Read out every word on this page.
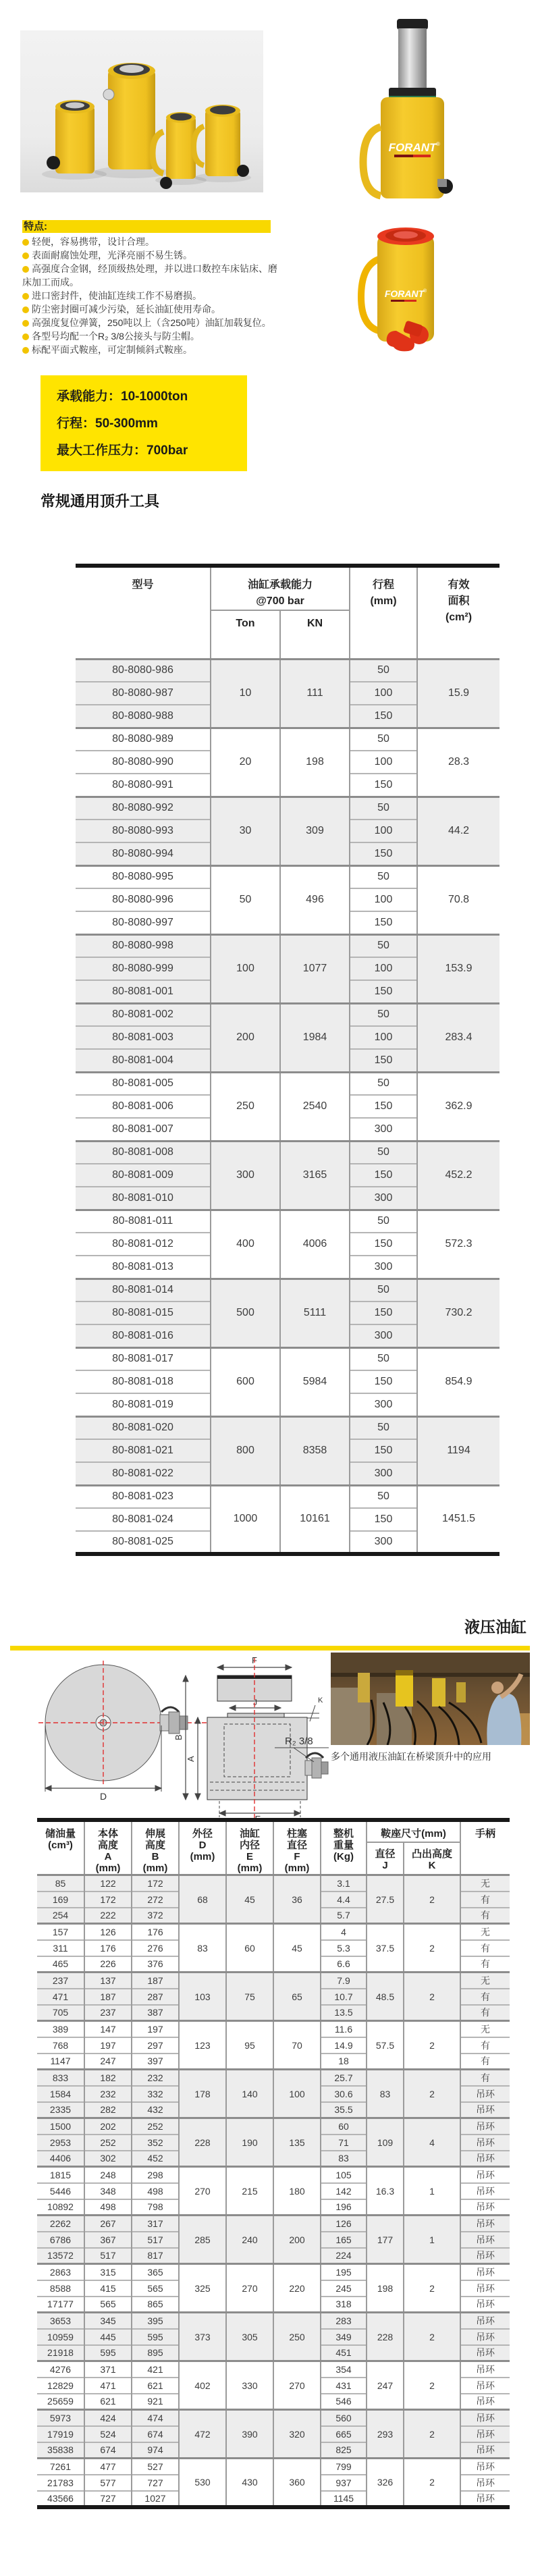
FORANT ®
FORANT
®
特点:
轻便，容易携带，设计合理。
表面耐腐蚀处理，光泽亮丽不易生锈。
高强度合金钢，经顶级热处理，并以进口数控车床钻床、磨床加工而成。
进口密封件，使油缸连续工作不易磨损。
防尘密封圈可减少污染，延长油缸使用寿命。
高强度复位弹簧，250吨以上（含250吨）油缸加载复位。
各型号均配一个R₂ 3/8公接头与防尘帽。
标配平面式鞍座，可定制倾斜式鞍座。
承载能力：10-1000ton
行程：50-300mm
最大工作压力：700bar
常规通用顶升工具
型号	油缸承载能力
@700 bar		行程
(mm)	有效
面积
(cm²)
	Ton	KN		
80-8080-986	10	111	50	15.9
80-8080-987			100	
80-8080-988			150	
80-8080-989	20	198	50	28.3
80-8080-990			100	
80-8080-991			150	
80-8080-992	30	309	50	44.2
80-8080-993			100	
80-8080-994			150	
80-8080-995	50	496	50	70.8
80-8080-996			100	
80-8080-997			150	
80-8080-998	100	1077	50	153.9
80-8080-999			100	
80-8081-001			150	
80-8081-002	200	1984	50	283.4
80-8081-003			100	
80-8081-004			150	
80-8081-005	250	2540	50	362.9
80-8081-006			150	
80-8081-007			300	
80-8081-008	300	3165	50	452.2
80-8081-009			150	
80-8081-010			300	
80-8081-011	400	4006	50	572.3
80-8081-012			150	
80-8081-013			300	
80-8081-014	500	5111	50	730.2
80-8081-015			150	
80-8081-016			300	
80-8081-017	600	5984	50	854.9
80-8081-018			150	
80-8081-019			300	
80-8081-020	800	8358	50	1194
80-8081-021			150	
80-8081-022			300	
80-8081-023	1000	10161	50	1451.5
80-8081-024			150	
80-8081-025			300	
液压油缸
D
F
J	K
A
B
E
R₂ 3/8
多个通用液压油缸在桥梁顶升中的应用
储油量
(cm³)	本体
高度
A
(mm)	伸展
高度
B
(mm)	外径
D
(mm)	油缸
内径
E
(mm)	柱塞
直径
F
(mm)	整机
重量
(Kg)	鞍座尺寸(mm)		手柄
							直径
J	凸出高度
K	
85	122	172	68	45	36	3.1	27.5	2	无
169	172	272				4.4			有
254	222	372				5.7			有
157	126	176	83	60	45	4	37.5	2	无
311	176	276				5.3			有
465	226	376				6.6			有
237	137	187	103	75	65	7.9	48.5	2	无
471	187	287				10.7			有
705	237	387				13.5			有
389	147	197	123	95	70	11.6	57.5	2	无
768	197	297				14.9			有
1147	247	397				18			有
833	182	232	178	140	100	25.7	83	2	有
1584	232	332				30.6			吊环
2335	282	432				35.5			吊环
1500	202	252	228	190	135	60	109	4	吊环
2953	252	352				71			吊环
4406	302	452				83			吊环
1815	248	298	270	215	180	105	16.3	1	吊环
5446	348	498				142			吊环
10892	498	798				196			吊环
2262	267	317	285	240	200	126	177	1	吊环
6786	367	517				165			吊环
13572	517	817				224			吊环
2863	315	365	325	270	220	195	198	2	吊环
8588	415	565				245			吊环
17177	565	865				318			吊环
3653	345	395	373	305	250	283	228	2	吊环
10959	445	595				349			吊环
21918	595	895				451			吊环
4276	371	421	402	330	270	354	247	2	吊环
12829	471	621				431			吊环
25659	621	921				546			吊环
5973	424	474	472	390	320	560	293	2	吊环
17919	524	674				665			吊环
35838	674	974				825			吊环
7261	477	527	530	430	360	799	326	2	吊环
21783	577	727				937			吊环
43566	727	1027				1145			吊环
